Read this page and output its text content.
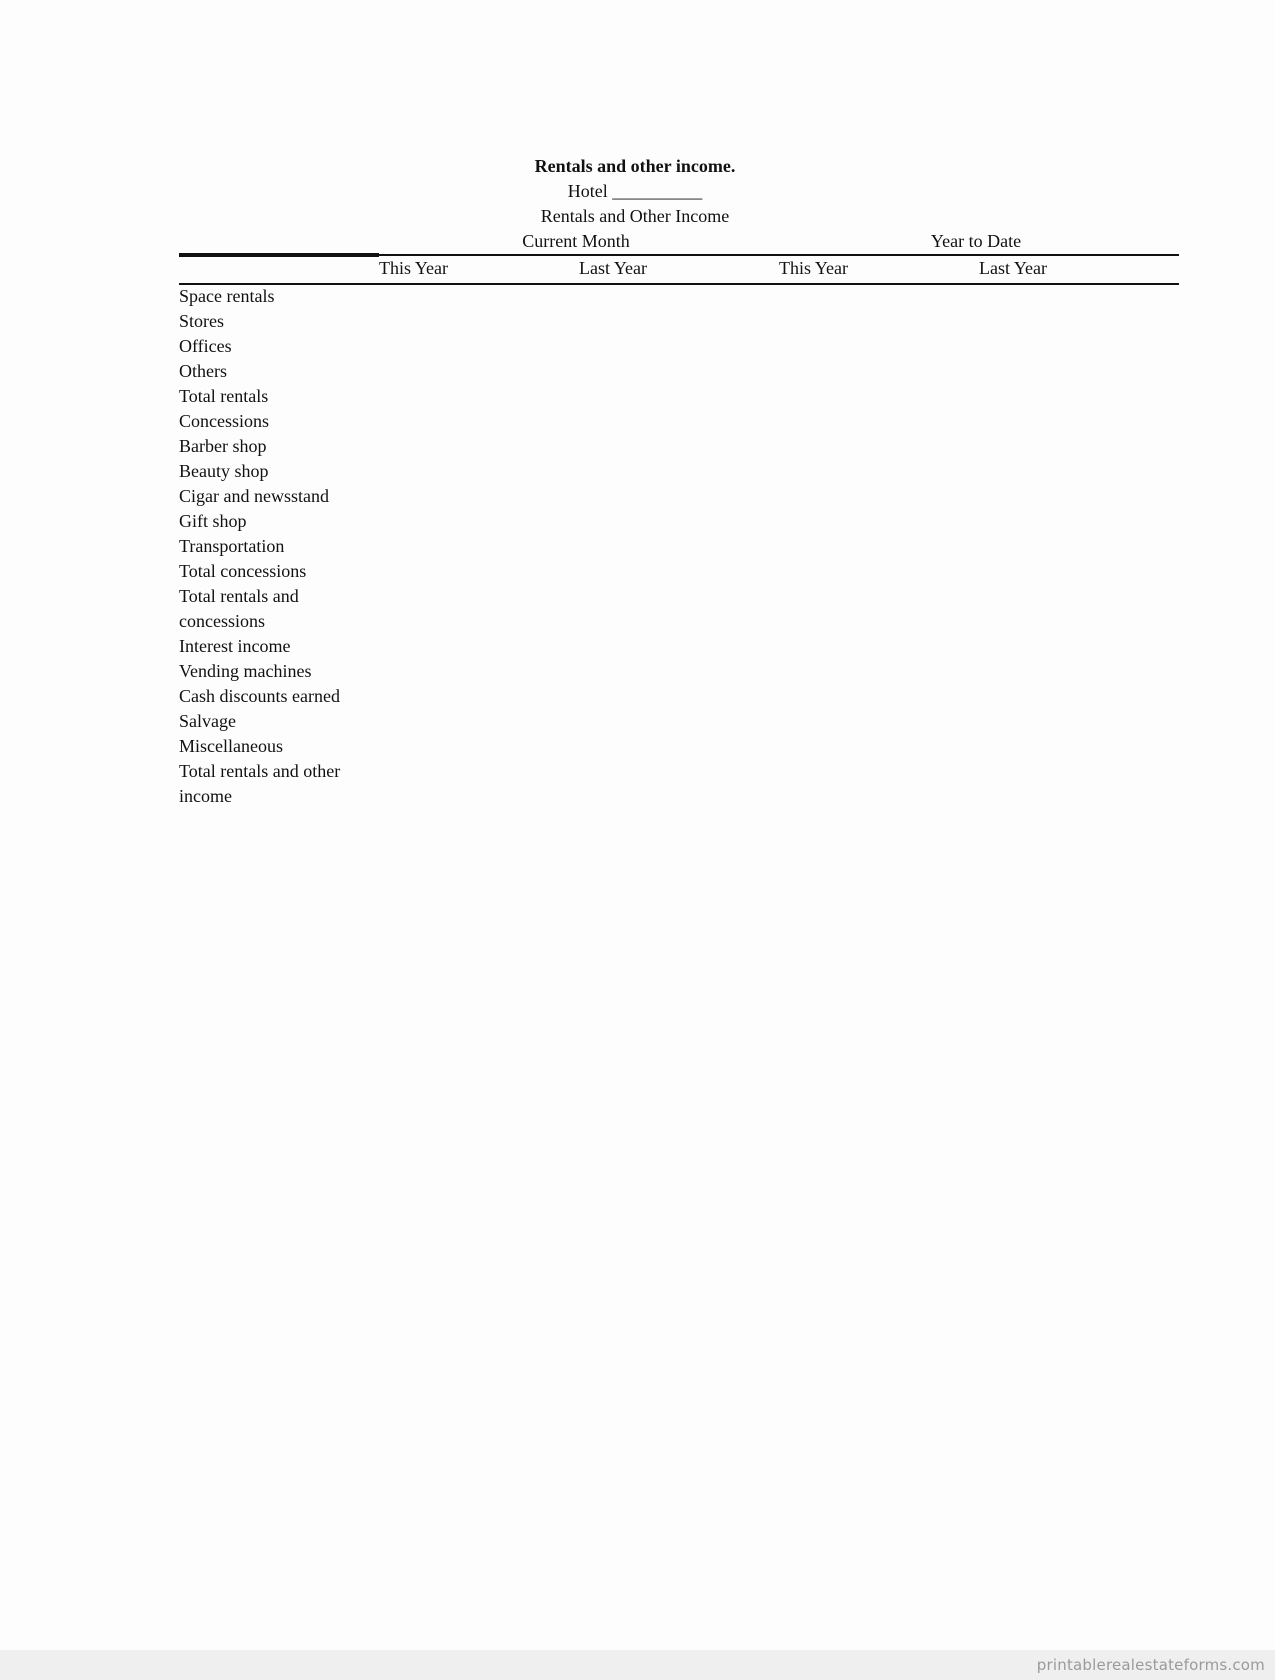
Rentals and other income.
Hotel __________
Rentals and Other Income
Current Month	Year to Date
This Year	Last Year	This Year	Last Year
Space rentals
Stores
Offices
Others
Total rentals
Concessions
Barber shop
Beauty shop
Cigar and newsstand
Gift shop
Transportation
Total concessions
Total rentals and concessions
Interest income
Vending machines
Cash discounts earned
Salvage
Miscellaneous
Total rentals and other income
printablerealestateforms.com
